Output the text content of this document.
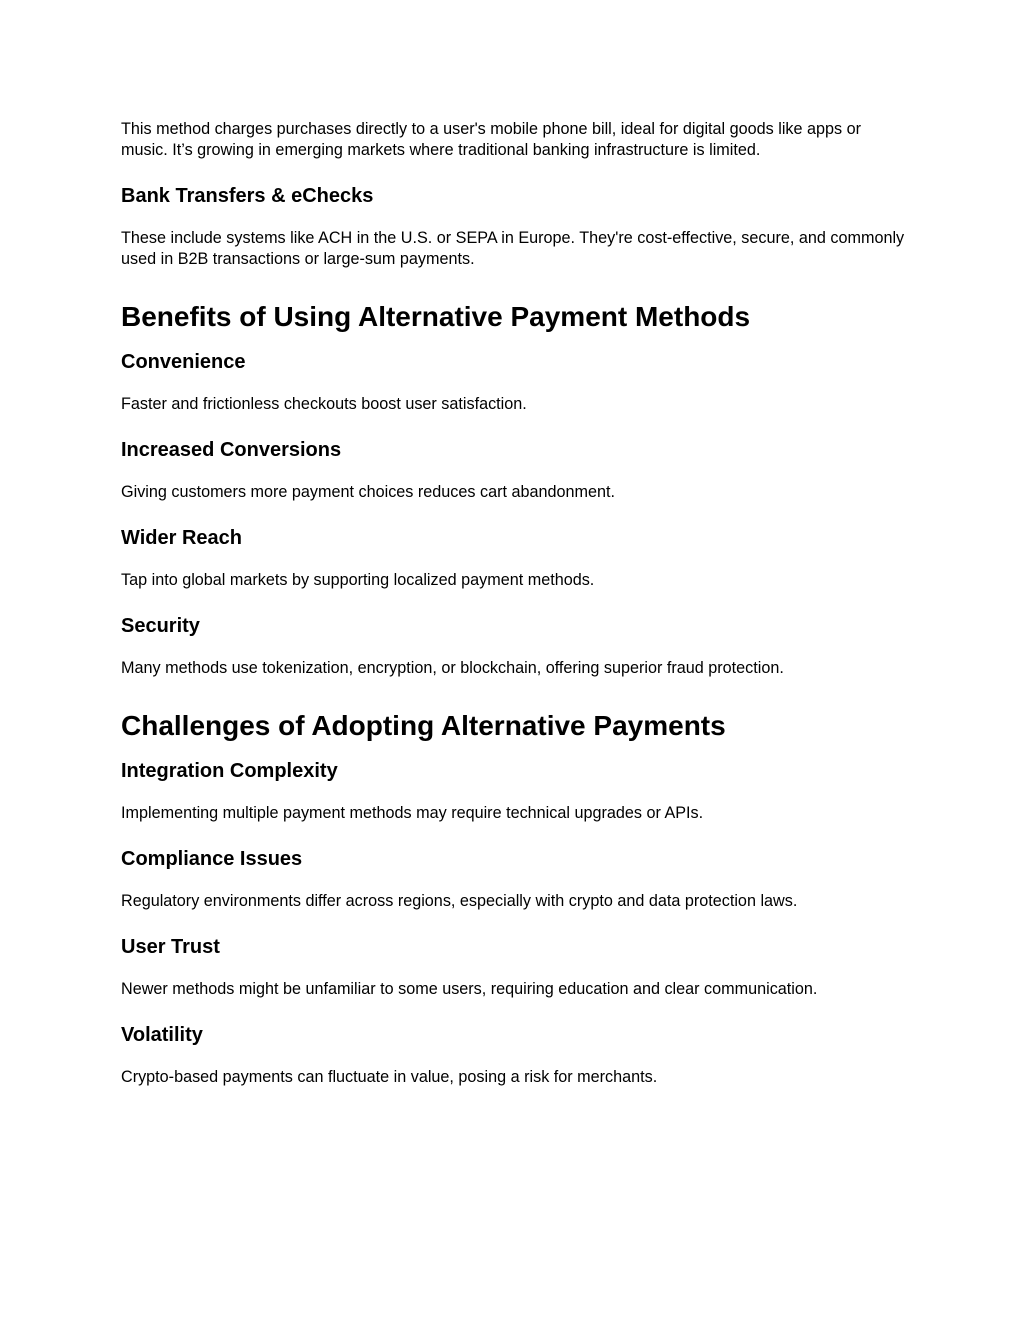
This method charges purchases directly to a user's mobile phone bill, ideal for digital goods like apps or music. It’s growing in emerging markets where traditional banking infrastructure is limited.

Bank Transfers & eChecks

These include systems like ACH in the U.S. or SEPA in Europe. They're cost-effective, secure, and commonly used in B2B transactions or large-sum payments.

Benefits of Using Alternative Payment Methods
Convenience

Faster and frictionless checkouts boost user satisfaction.

Increased Conversions

Giving customers more payment choices reduces cart abandonment.

Wider Reach

Tap into global markets by supporting localized payment methods.

Security

Many methods use tokenization, encryption, or blockchain, offering superior fraud protection.

Challenges of Adopting Alternative Payments
Integration Complexity

Implementing multiple payment methods may require technical upgrades or APIs.

Compliance Issues

Regulatory environments differ across regions, especially with crypto and data protection laws.

User Trust

Newer methods might be unfamiliar to some users, requiring education and clear communication.

Volatility

Crypto-based payments can fluctuate in value, posing a risk for merchants.
